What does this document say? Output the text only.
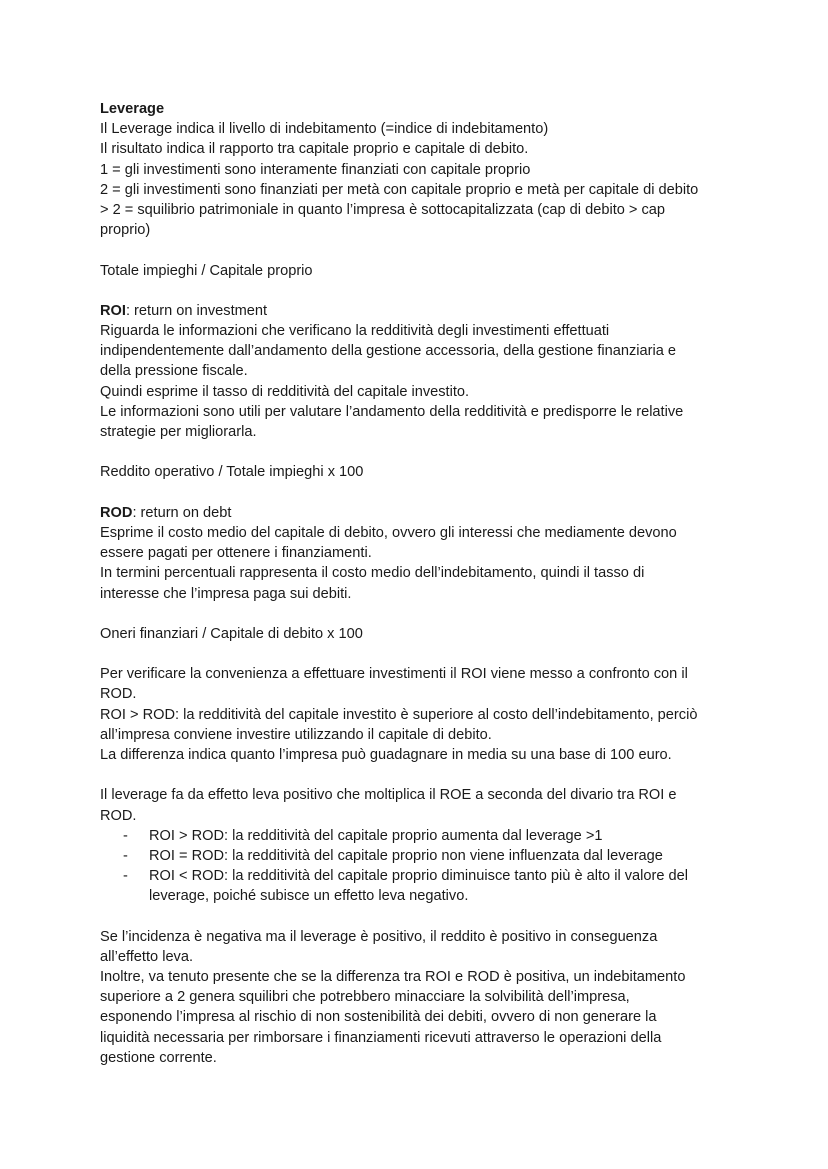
Leverage
Il Leverage indica il livello di indebitamento (=indice di indebitamento)
Il risultato indica il rapporto tra capitale proprio e capitale di debito.
1 = gli investimenti sono interamente finanziati con capitale proprio
2 = gli investimenti sono finanziati per metà con capitale proprio e metà per capitale di debito
> 2 = squilibrio patrimoniale in quanto l’impresa è sottocapitalizzata (cap di debito > cap
proprio)
Totale impieghi / Capitale proprio
ROI: return on investment
Riguarda le informazioni che verificano la redditività degli investimenti effettuati
indipendentemente dall’andamento della gestione accessoria, della gestione finanziaria e
della pressione fiscale.
Quindi esprime il tasso di redditività del capitale investito.
Le informazioni sono utili per valutare l’andamento della redditività e predisporre le relative
strategie per migliorarla.
Reddito operativo / Totale impieghi x 100
ROD: return on debt
Esprime il costo medio del capitale di debito, ovvero gli interessi che mediamente devono
essere pagati per ottenere i finanziamenti.
In termini percentuali rappresenta il costo medio dell’indebitamento, quindi il tasso di
interesse che l’impresa paga sui debiti.
Oneri finanziari / Capitale di debito x 100
Per verificare la convenienza a effettuare investimenti il ROI viene messo a confronto con il
ROD.
ROI > ROD: la redditività del capitale investito è superiore al costo dell’indebitamento, perciò
all’impresa conviene investire utilizzando il capitale di debito.
La differenza indica quanto l’impresa può guadagnare in media su una base di 100 euro.
Il leverage fa da effetto leva positivo che moltiplica il ROE a seconda del divario tra ROI e
ROD.
- ROI > ROD: la redditività del capitale proprio aumenta dal leverage >1
- ROI = ROD: la redditività del capitale proprio non viene influenzata dal leverage
- ROI < ROD: la redditività del capitale proprio diminuisce tanto più è alto il valore del
leverage, poiché subisce un effetto leva negativo.
Se l’incidenza è negativa ma il leverage è positivo, il reddito è positivo in conseguenza
all’effetto leva.
Inoltre, va tenuto presente che se la differenza tra ROI e ROD è positiva, un indebitamento
superiore a 2 genera squilibri che potrebbero minacciare la solvibilità dell’impresa,
esponendo l’impresa al rischio di non sostenibilità dei debiti, ovvero di non generare la
liquidità necessaria per rimborsare i finanziamenti ricevuti attraverso le operazioni della
gestione corrente.
